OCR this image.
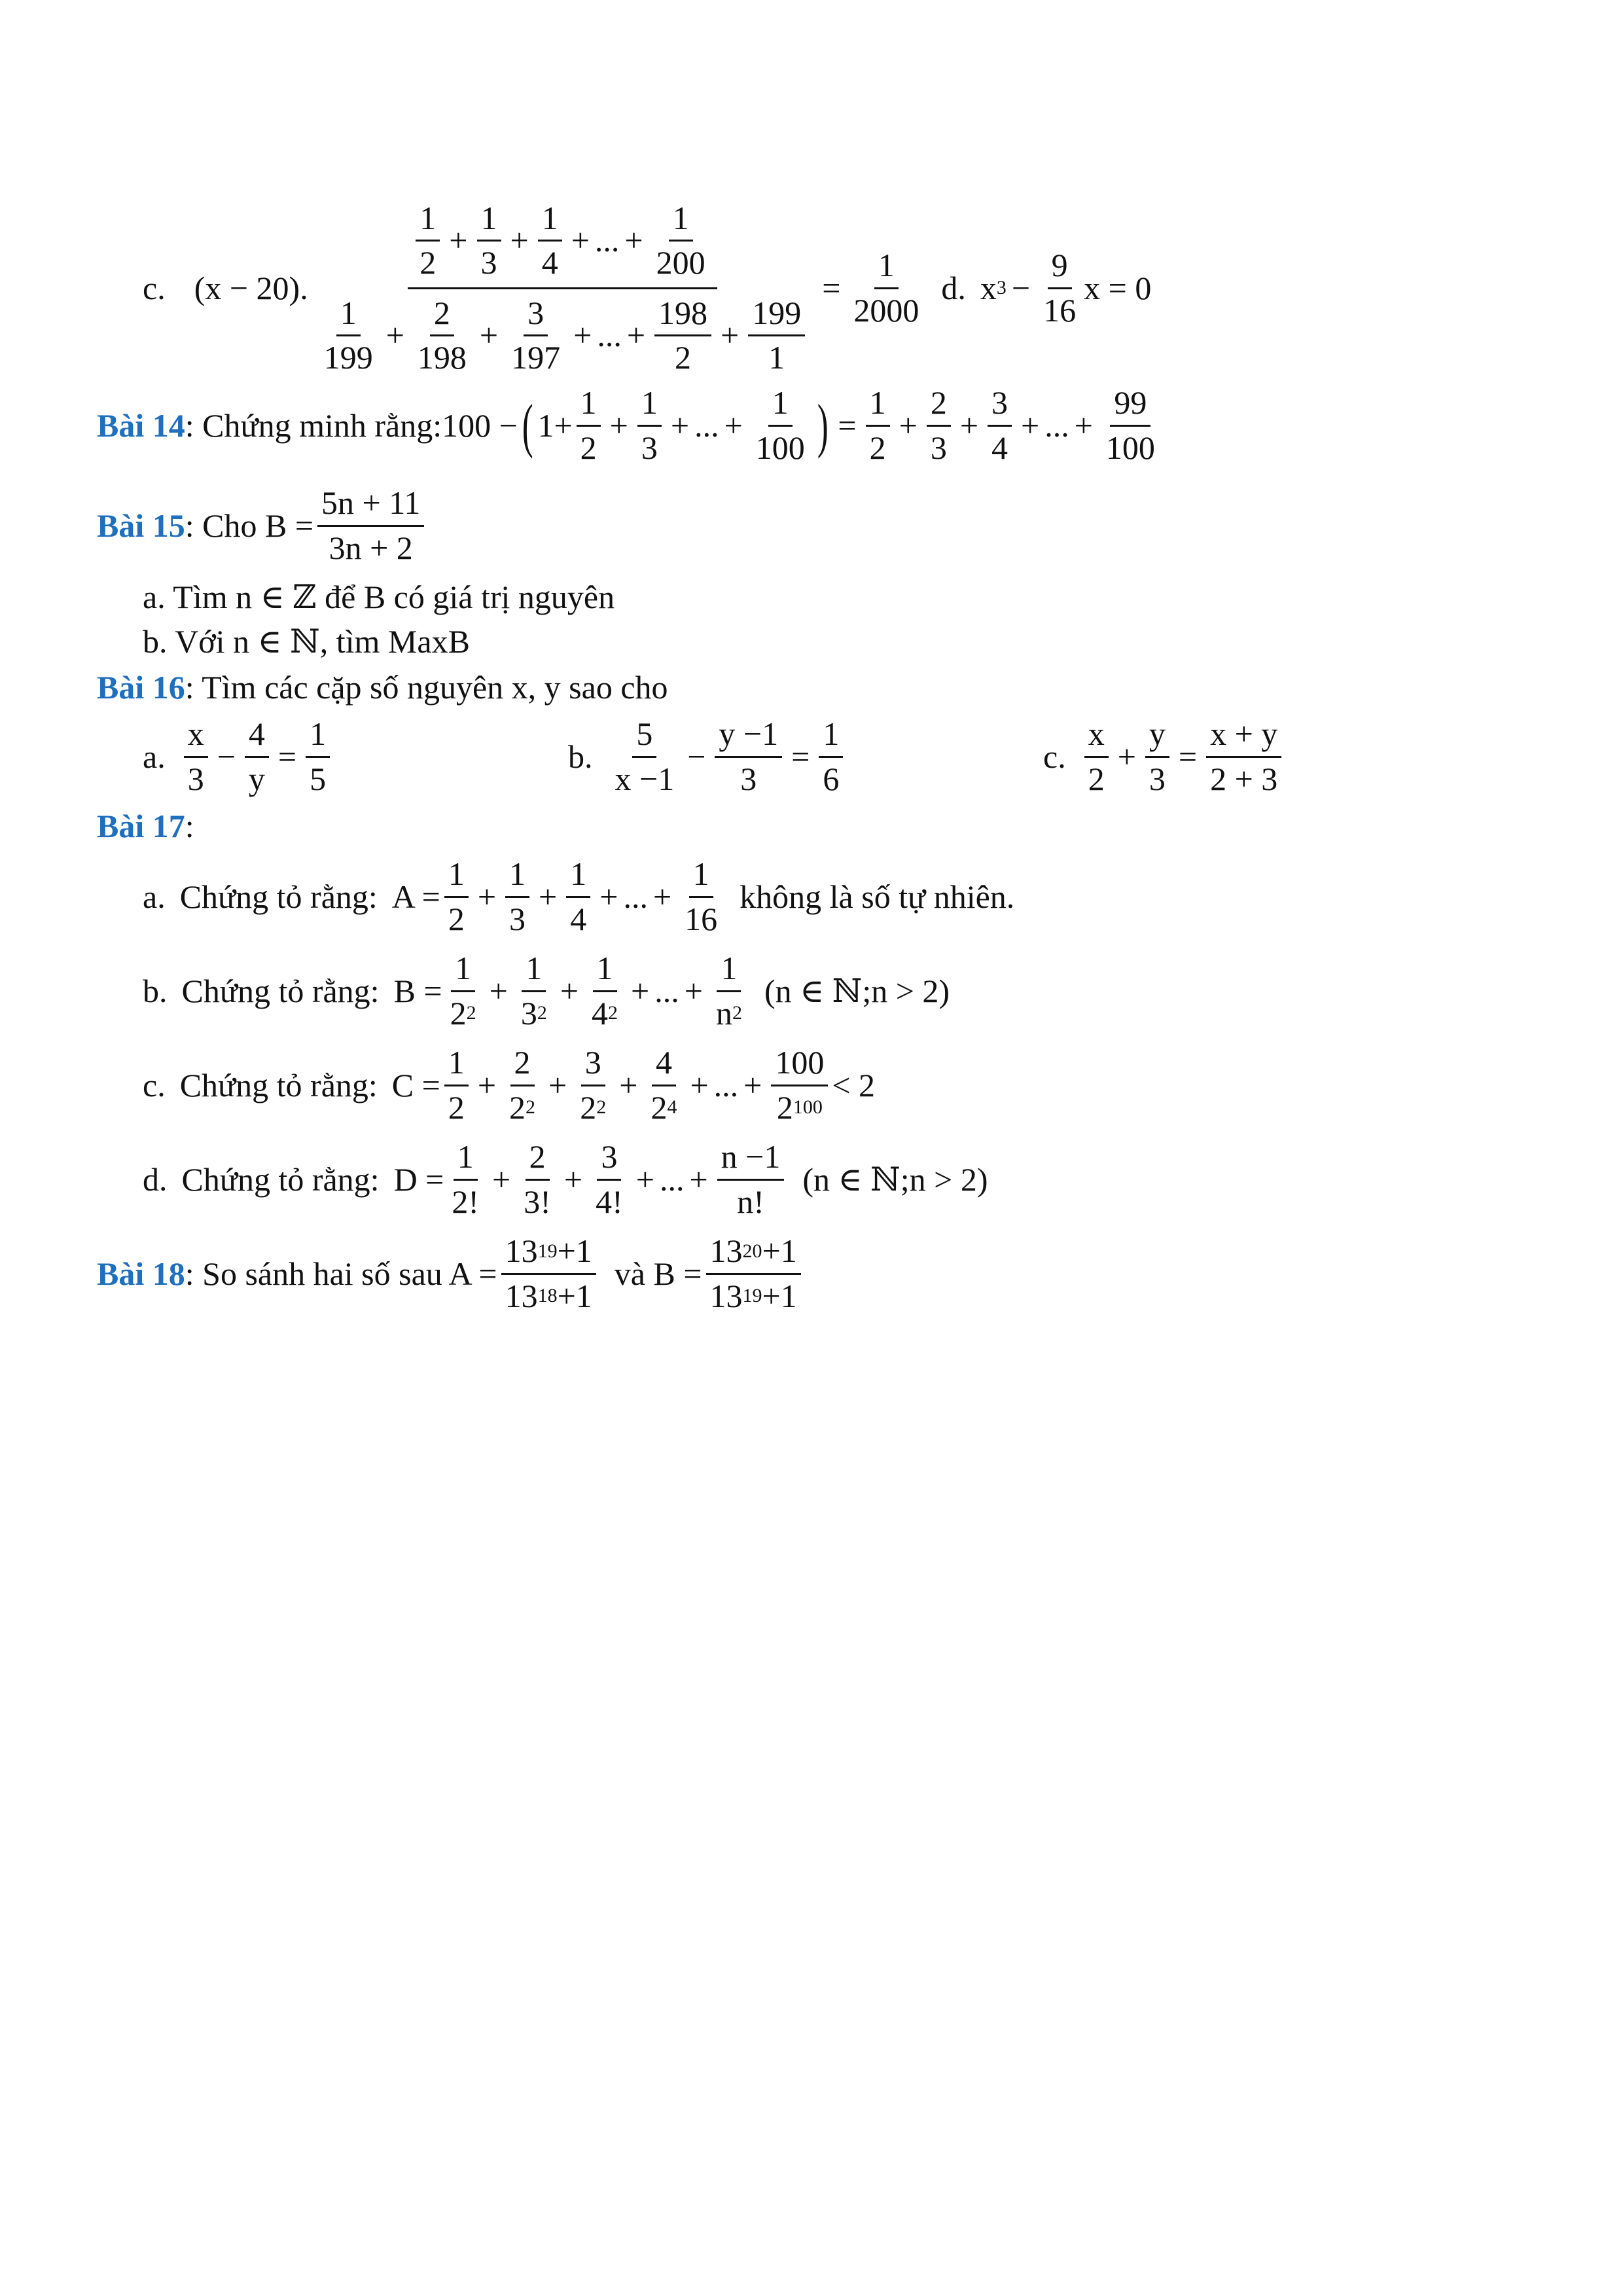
c. (x − 20).
$\frac{1}{2} + \frac{1}{3} + \frac{1}{4}$ + ... + $\frac{1}{200}$
$\frac{1}{199} + \frac{2}{198} + \frac{3}{197}$ + ... + $\frac{198}{2} + \frac{199}{1}$
= $\frac{1}{2000} d$. x $3 - \frac{9}{16}$ x = 0
Bài 14 : Chứng minh rằng: 100 − ( $1+ \frac{1}{2} + \frac{1}{3}$ + ... + $\frac{1}{100}$ ) = $\frac{1}{2} + \frac{2}{3} + \frac{3}{4}$ + ... + $\frac{99}{100}$
Bài 15 : Cho $B = \frac{5n + 11}{3n + 2}$
a. Tìm n ∈ ℤ để B có giá trị nguyên
b. Với n ∈ ℕ, tìm MaxB
Bài 16 : Tìm các cặp số nguyên x, y sao cho
a. $\frac{x}{3} - \frac{4}{y} = \frac{1}{5}$	b. $\frac{5}{x -1} - \frac{y -1}{3} = \frac{1}{6}$	c. $\frac{x}{2} + \frac{y}{3} = \frac{x + y}{2 + 3}$
Bài 17 :
a. Chứng tỏ rằng: $A = \frac{1}{2} + \frac{1}{3} + \frac{1}{4}$ + ... + $\frac{1}{16}$ không là số tự nhiên.
b. Chứng tỏ rằng: $B = \frac{1}{2 2} + \frac{1}{3 2} + \frac{1}{4 2}$ + ... + $\frac{1}{n 2} (n$ ∈ ℕ;n > 2)
c. Chứng tỏ rằng: $C = \frac{1}{2} + \frac{2}{2 2} + \frac{3}{2 2} + \frac{4}{2 4}$ + ... + $\frac{100}{2 100} < 2$
d. Chứng tỏ rằng: $D = \frac{1}{2!} + \frac{2}{3!} + \frac{3}{4!}$ + ... + $\frac{n -1}{n!} (n$ ∈ ℕ;n > 2)
Bài 18 : So sánh hai số sau $A = \frac{13 19 +1}{13 18 +1}$ và $B = \frac{13 20 +1}{13 19 +1}$
